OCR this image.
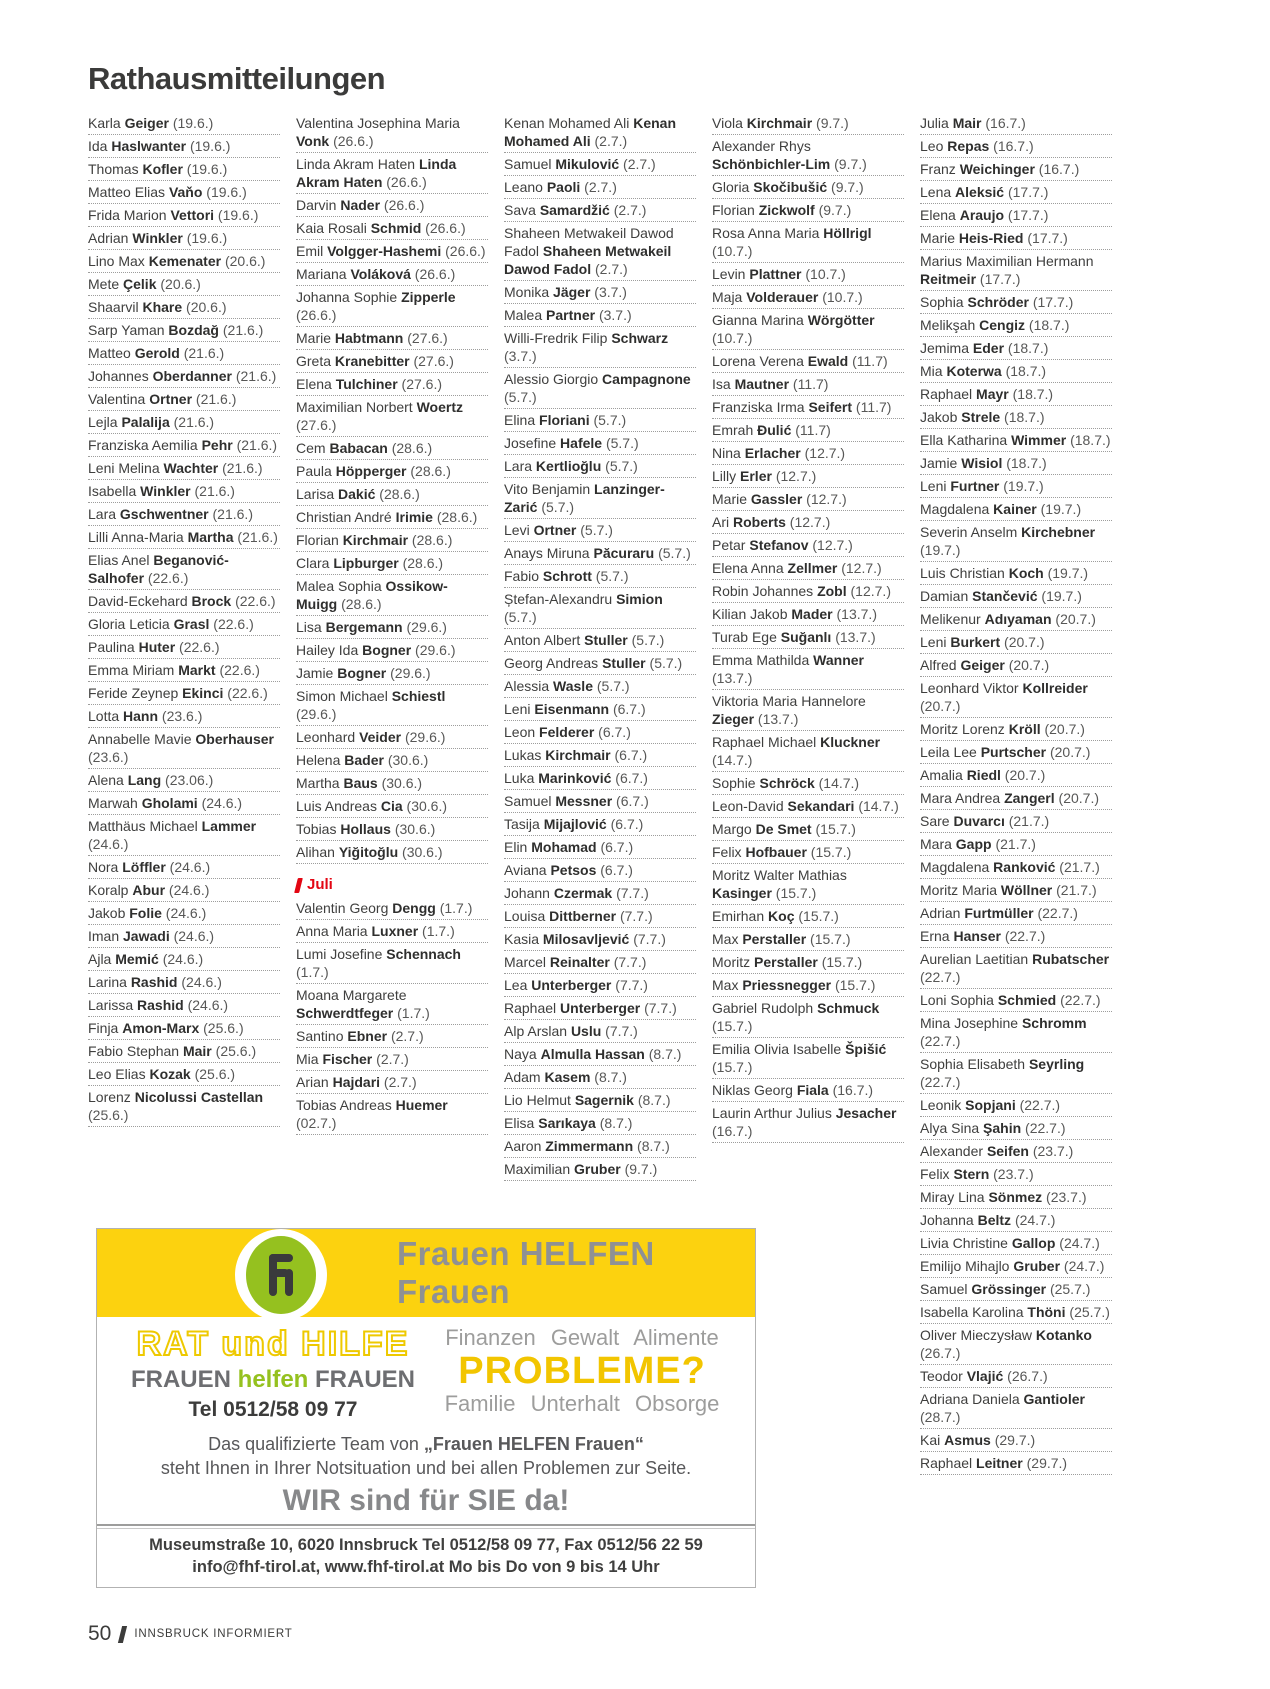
Rathausmitteilungen
Karla Geiger (19.6.)
Ida Haslwanter (19.6.)
Thomas Kofler (19.6.)
Matteo Elias Vaňo (19.6.)
Frida Marion Vettori (19.6.)
Adrian Winkler (19.6.)
Lino Max Kemenater (20.6.)
Mete Çelik (20.6.)
Shaarvil Khare (20.6.)
Sarp Yaman Bozdağ (21.6.)
Matteo Gerold (21.6.)
Johannes Oberdanner (21.6.)
Valentina Ortner (21.6.)
Lejla Palalija (21.6.)
Franziska Aemilia Pehr (21.6.)
Leni Melina Wachter (21.6.)
Isabella Winkler (21.6.)
Lara Gschwentner (21.6.)
Lilli Anna-Maria Martha (21.6.)
Elias Anel Beganović-Salhofer (22.6.)
David-Eckehard Brock (22.6.)
Gloria Leticia Grasl (22.6.)
Paulina Huter (22.6.)
Emma Miriam Markt (22.6.)
Feride Zeynep Ekinci (22.6.)
Lotta Hann (23.6.)
Annabelle Mavie Oberhauser (23.6.)
Alena Lang (23.06.)
Marwah Gholami (24.6.)
Matthäus Michael Lammer (24.6.)
Nora Löffler (24.6.)
Koralp Abur (24.6.)
Jakob Folie (24.6.)
Iman Jawadi (24.6.)
Ajla Memić (24.6.)
Larina Rashid (24.6.)
Larissa Rashid (24.6.)
Finja Amon-Marx (25.6.)
Fabio Stephan Mair (25.6.)
Leo Elias Kozak (25.6.)
Lorenz Nicolussi Castellan (25.6.)
Valentina Josephina Maria Vonk (26.6.)
Linda Akram Haten Linda Akram Haten (26.6.)
Darvin Nader (26.6.)
Kaia Rosali Schmid (26.6.)
Emil Volgger-Hashemi (26.6.)
Mariana Voláková (26.6.)
Johanna Sophie Zipperle (26.6.)
Marie Habtmann (27.6.)
Greta Kranebitter (27.6.)
Elena Tulchiner (27.6.)
Maximilian Norbert Woertz (27.6.)
Cem Babacan (28.6.)
Paula Höpperger (28.6.)
Larisa Dakić (28.6.)
Christian André Irimie (28.6.)
Florian Kirchmair (28.6.)
Clara Lipburger (28.6.)
Malea Sophia Ossikow-Muigg (28.6.)
Lisa Bergemann (29.6.)
Hailey Ida Bogner (29.6.)
Jamie Bogner (29.6.)
Simon Michael Schiestl (29.6.)
Leonhard Veider (29.6.)
Helena Bader (30.6.)
Martha Baus (30.6.)
Luis Andreas Cia (30.6.)
Tobias Hollaus (30.6.)
Alihan Yiğitoğlu (30.6.)
Juli
Valentin Georg Dengg (1.7.)
Anna Maria Luxner (1.7.)
Lumi Josefine Schennach (1.7.)
Moana Margarete Schwerdtfeger (1.7.)
Santino Ebner (2.7.)
Mia Fischer (2.7.)
Arian Hajdari (2.7.)
Tobias Andreas Huemer (02.7.)
Kenan Mohamed Ali Kenan Mohamed Ali (2.7.)
Samuel Mikulović (2.7.)
Leano Paoli (2.7.)
Sava Samardžić (2.7.)
Shaheen Metwakeil Dawod Fadol Shaheen Metwakeil Dawod Fadol (2.7.)
Monika Jäger (3.7.)
Malea Partner (3.7.)
Willi-Fredrik Filip Schwarz (3.7.)
Alessio Giorgio Campagnone (5.7.)
Elina Floriani (5.7.)
Josefine Hafele (5.7.)
Lara Kertlioğlu (5.7.)
Vito Benjamin Lanzinger-Zarić (5.7.)
Levi Ortner (5.7.)
Anays Miruna Păcuraru (5.7.)
Fabio Schrott (5.7.)
Ștefan-Alexandru Simion (5.7.)
Anton Albert Stuller (5.7.)
Georg Andreas Stuller (5.7.)
Alessia Wasle (5.7.)
Leni Eisenmann (6.7.)
Leon Felderer (6.7.)
Lukas Kirchmair (6.7.)
Luka Marinković (6.7.)
Samuel Messner (6.7.)
Tasija Mijajlović (6.7.)
Elin Mohamad (6.7.)
Aviana Petsos (6.7.)
Johann Czermak (7.7.)
Louisa Dittberner (7.7.)
Kasia Milosavljević (7.7.)
Marcel Reinalter (7.7.)
Lea Unterberger (7.7.)
Raphael Unterberger (7.7.)
Alp Arslan Uslu (7.7.)
Naya Almulla Hassan (8.7.)
Adam Kasem (8.7.)
Lio Helmut Sagernik (8.7.)
Elisa Sarıkaya (8.7.)
Aaron Zimmermann (8.7.)
Maximilian Gruber (9.7.)
Viola Kirchmair (9.7.)
Alexander Rhys Schönbichler-Lim (9.7.)
Gloria Skočibušić (9.7.)
Florian Zickwolf (9.7.)
Rosa Anna Maria Höllrigl (10.7.)
Levin Plattner (10.7.)
Maja Volderauer (10.7.)
Gianna Marina Wörgötter (10.7.)
Lorena Verena Ewald (11.7)
Isa Mautner (11.7)
Franziska Irma Seifert (11.7)
Emrah Đulić (11.7)
Nina Erlacher (12.7.)
Lilly Erler (12.7.)
Marie Gassler (12.7.)
Ari Roberts (12.7.)
Petar Stefanov (12.7.)
Elena Anna Zellmer (12.7.)
Robin Johannes Zobl (12.7.)
Kilian Jakob Mader (13.7.)
Turab Ege Suğanlı (13.7.)
Emma Mathilda Wanner (13.7.)
Viktoria Maria Hannelore Zieger (13.7.)
Raphael Michael Kluckner (14.7.)
Sophie Schröck (14.7.)
Leon-David Sekandari (14.7.)
Margo De Smet (15.7.)
Felix Hofbauer (15.7.)
Moritz Walter Mathias Kasinger (15.7.)
Emirhan Koç (15.7.)
Max Perstaller (15.7.)
Moritz Perstaller (15.7.)
Max Priessnegger (15.7.)
Gabriel Rudolph Schmuck (15.7.)
Emilia Olivia Isabelle Špišić (15.7.)
Niklas Georg Fiala (16.7.)
Laurin Arthur Julius Jesacher (16.7.)
Julia Mair (16.7.)
Leo Repas (16.7.)
Franz Weichinger (16.7.)
Lena Aleksić (17.7.)
Elena Araujo (17.7.)
Marie Heis-Ried (17.7.)
Marius Maximilian Hermann Reitmeir (17.7.)
Sophia Schröder (17.7.)
Melikşah Cengiz (18.7.)
Jemima Eder (18.7.)
Mia Koterwa (18.7.)
Raphael Mayr (18.7.)
Jakob Strele (18.7.)
Ella Katharina Wimmer (18.7.)
Jamie Wisiol (18.7.)
Leni Furtner (19.7.)
Magdalena Kainer (19.7.)
Severin Anselm Kirchebner (19.7.)
Luis Christian Koch (19.7.)
Damian Stančević (19.7.)
Melikenur Adıyaman (20.7.)
Leni Burkert (20.7.)
Alfred Geiger (20.7.)
Leonhard Viktor Kollreider (20.7.)
Moritz Lorenz Kröll (20.7.)
Leila Lee Purtscher (20.7.)
Amalia Riedl (20.7.)
Mara Andrea Zangerl (20.7.)
Sare Duvarcı (21.7.)
Mara Gapp (21.7.)
Magdalena Ranković (21.7.)
Moritz Maria Wöllner (21.7.)
Adrian Furtmüller (22.7.)
Erna Hanser (22.7.)
Aurelian Laetitian Rubatscher (22.7.)
Loni Sophia Schmied (22.7.)
Mina Josephine Schromm (22.7.)
Sophia Elisabeth Seyrling (22.7.)
Leonik Sopjani (22.7.)
Alya Sina Şahin (22.7.)
Alexander Seifen (23.7.)
Felix Stern (23.7.)
Miray Lina Sönmez (23.7.)
Johanna Beltz (24.7.)
Livia Christine Gallop (24.7.)
Emilijo Mihajlo Gruber (24.7.)
Samuel Grössinger (25.7.)
Isabella Karolina Thöni (25.7.)
Oliver Mieczysław Kotanko (26.7.)
Teodor Vlajić (26.7.)
Adriana Daniela Gantioler (28.7.)
Kai Asmus (29.7.)
Raphael Leitner (29.7.)
Frauen HELFEN Frauen
RAT und HILFE
FRAUEN helfen FRAUEN
Tel 0512/58 09 77
Finanzen Gewalt Alimente
PROBLEME?
Familie Unterhalt Obsorge
Das qualifizierte Team von „Frauen HELFEN Frauen“
steht Ihnen in Ihrer Notsituation und bei allen Problemen zur Seite.
WIR sind für SIE da!
Museumstraße 10, 6020 Innsbruck Tel 0512/58 09 77, Fax 0512/56 22 59
info@fhf-tirol.at, www.fhf-tirol.at Mo bis Do von 9 bis 14 Uhr
50 INNSBRUCK INFORMIERT
